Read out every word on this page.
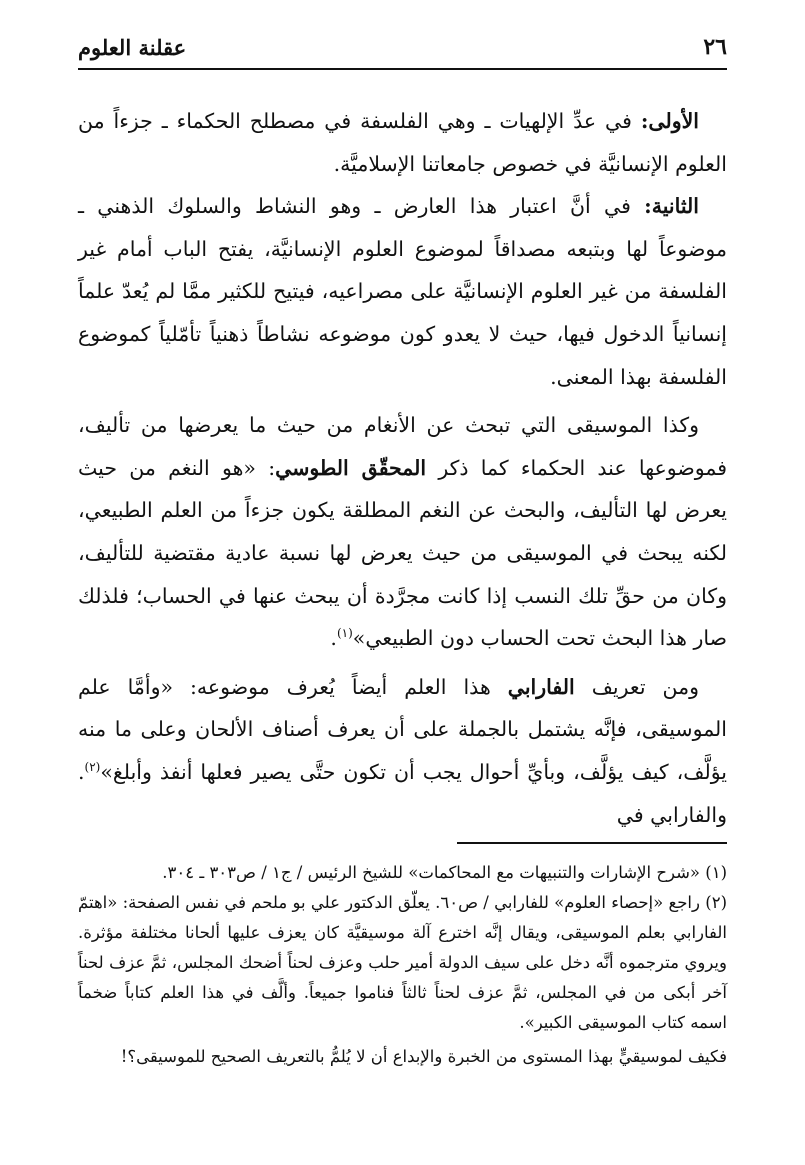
٢٦
عقلنة العلوم

الأولى: في عدِّ الإلهيات ـ وهي الفلسفة في مصطلح الحكماء ـ جزءاً من العلوم الإنسانيَّة في خصوص جامعاتنا الإسلاميَّة.

الثانية: في أنَّ اعتبار هذا العارض ـ وهو النشاط والسلوك الذهني ـ موضوعاً لها وبتبعه مصداقاً لموضوع العلوم الإنسانيَّة، يفتح الباب أمام غير الفلسفة من غير العلوم الإنسانيَّة على مصراعيه، فيتيح للكثير ممَّا لم يُعدّ علماً إنسانياً الدخول فيها، حيث لا يعدو كون موضوعه نشاطاً ذهنياً تأمّلياً كموضوع الفلسفة بهذا المعنى.

وكذا الموسيقى التي تبحث عن الأنغام من حيث ما يعرضها من تأليف، فموضوعها عند الحكماء كما ذكر المحقّق الطوسي: «هو النغم من حيث يعرض لها التأليف، والبحث عن النغم المطلقة يكون جزءاً من العلم الطبيعي، لكنه يبحث في الموسيقى من حيث يعرض لها نسبة عادية مقتضية للتأليف، وكان من حقِّ تلك النسب إذا كانت مجرَّدة أن يبحث عنها في الحساب؛ فلذلك صار هذا البحث تحت الحساب دون الطبيعي»$^{(١)}$.

ومن تعريف الفارابي هذا العلم أيضاً يُعرف موضوعه: «وأمَّا علم الموسيقى، فإنَّه يشتمل بالجملة على أن يعرف أصناف الألحان وعلى ما منه يؤلَّف، كيف يؤلَّف، وبأيِّ أحوال يجب أن تكون حتَّى يصير فعلها أنفذ وأبلغ»$^{(٢)}$. والفارابي في

(١) «شرح الإشارات والتنبيهات مع المحاكمات» للشيخ الرئيس / ج١ / ص٣٠٣ ـ ٣٠٤.

(٢) راجع «إحصاء العلوم» للفارابي / ص٦٠. يعلّق الدكتور علي بو ملحم في نفس الصفحة: «اهتمّ الفارابي بعلم الموسيقى، ويقال إنَّه اخترع آلة موسيقيَّة كان يعزف عليها ألحانا مختلفة مؤثرة. ويروي مترجموه أنَّه دخل على سيف الدولة أمير حلب وعزف لحناً أضحك المجلس، ثمَّ عزف لحناً آخر أبكى من في المجلس، ثمَّ عزف لحناً ثالثاً فناموا جميعاً. وألَّف في هذا العلم كتاباً ضخماً اسمه كتاب الموسيقى الكبير».

فكيف لموسيقيٍّ بهذا المستوى من الخبرة والإبداع أن لا يُلمُّ بالتعريف الصحيح للموسيقى؟!
